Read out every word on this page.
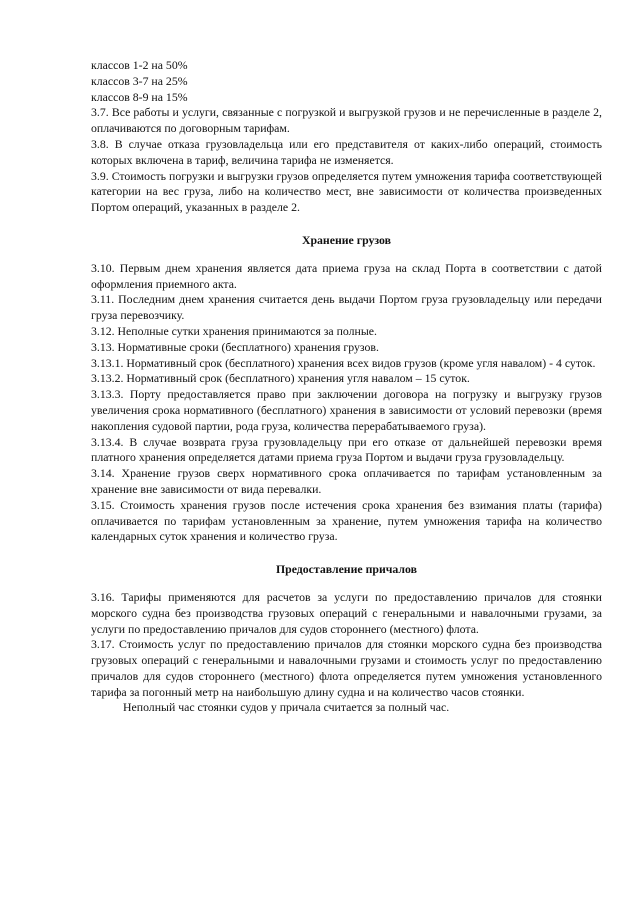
классов 1-2 на 50%

классов 3-7 на 25%

классов 8-9 на 15%

3.7. Все работы и услуги, связанные с погрузкой и выгрузкой грузов и не перечисленные в разделе 2, оплачиваются по договорным тарифам.

3.8. В случае отказа грузовладельца или его представителя от каких-либо операций, стоимость которых включена в тариф, величина тарифа не изменяется.

3.9. Стоимость погрузки и выгрузки грузов определяется путем умножения тарифа соответствующей категории на вес груза, либо на количество мест, вне зависимости от количества произведенных Портом операций, указанных в разделе 2.

Хранение грузов

3.10. Первым днем хранения является дата приема груза на склад Порта в соответствии с датой оформления приемного акта.

3.11. Последним днем хранения считается день выдачи Портом груза грузовладельцу или передачи груза перевозчику.

3.12. Неполные сутки хранения принимаются за полные.

3.13. Нормативные сроки (бесплатного) хранения грузов.

3.13.1. Нормативный срок (бесплатного) хранения всех видов грузов (кроме угля навалом) - 4 суток.

3.13.2. Нормативный срок (бесплатного) хранения угля навалом – 15 суток.

3.13.3. Порту предоставляется право при заключении договора на погрузку и выгрузку грузов увеличения срока нормативного (бесплатного) хранения в зависимости от условий перевозки (время накопления судовой партии, рода груза, количества перерабатываемого груза).

3.13.4. В случае возврата груза грузовладельцу при его отказе от дальнейшей перевозки время платного хранения определяется датами приема груза Портом и выдачи груза грузовладельцу.

3.14. Хранение грузов сверх нормативного срока оплачивается по тарифам установленным за хранение вне зависимости от вида перевалки.

3.15. Стоимость хранения грузов после истечения срока хранения без взимания платы (тарифа) оплачивается по тарифам установленным за хранение, путем умножения тарифа на количество календарных суток хранения и количество груза.

Предоставление причалов

3.16. Тарифы применяются для расчетов за услуги по предоставлению причалов для стоянки морского судна без производства грузовых операций с генеральными и навалочными грузами, за услуги по предоставлению причалов для судов стороннего (местного) флота.

3.17. Стоимость услуг по предоставлению причалов для стоянки морского судна без производства грузовых операций с генеральными и навалочными грузами и стоимость услуг по предоставлению причалов для судов стороннего (местного) флота определяется путем умножения установленного тарифа за погонный метр на наибольшую длину судна и на количество часов стоянки.

Неполный час стоянки судов у причала считается за полный час.
